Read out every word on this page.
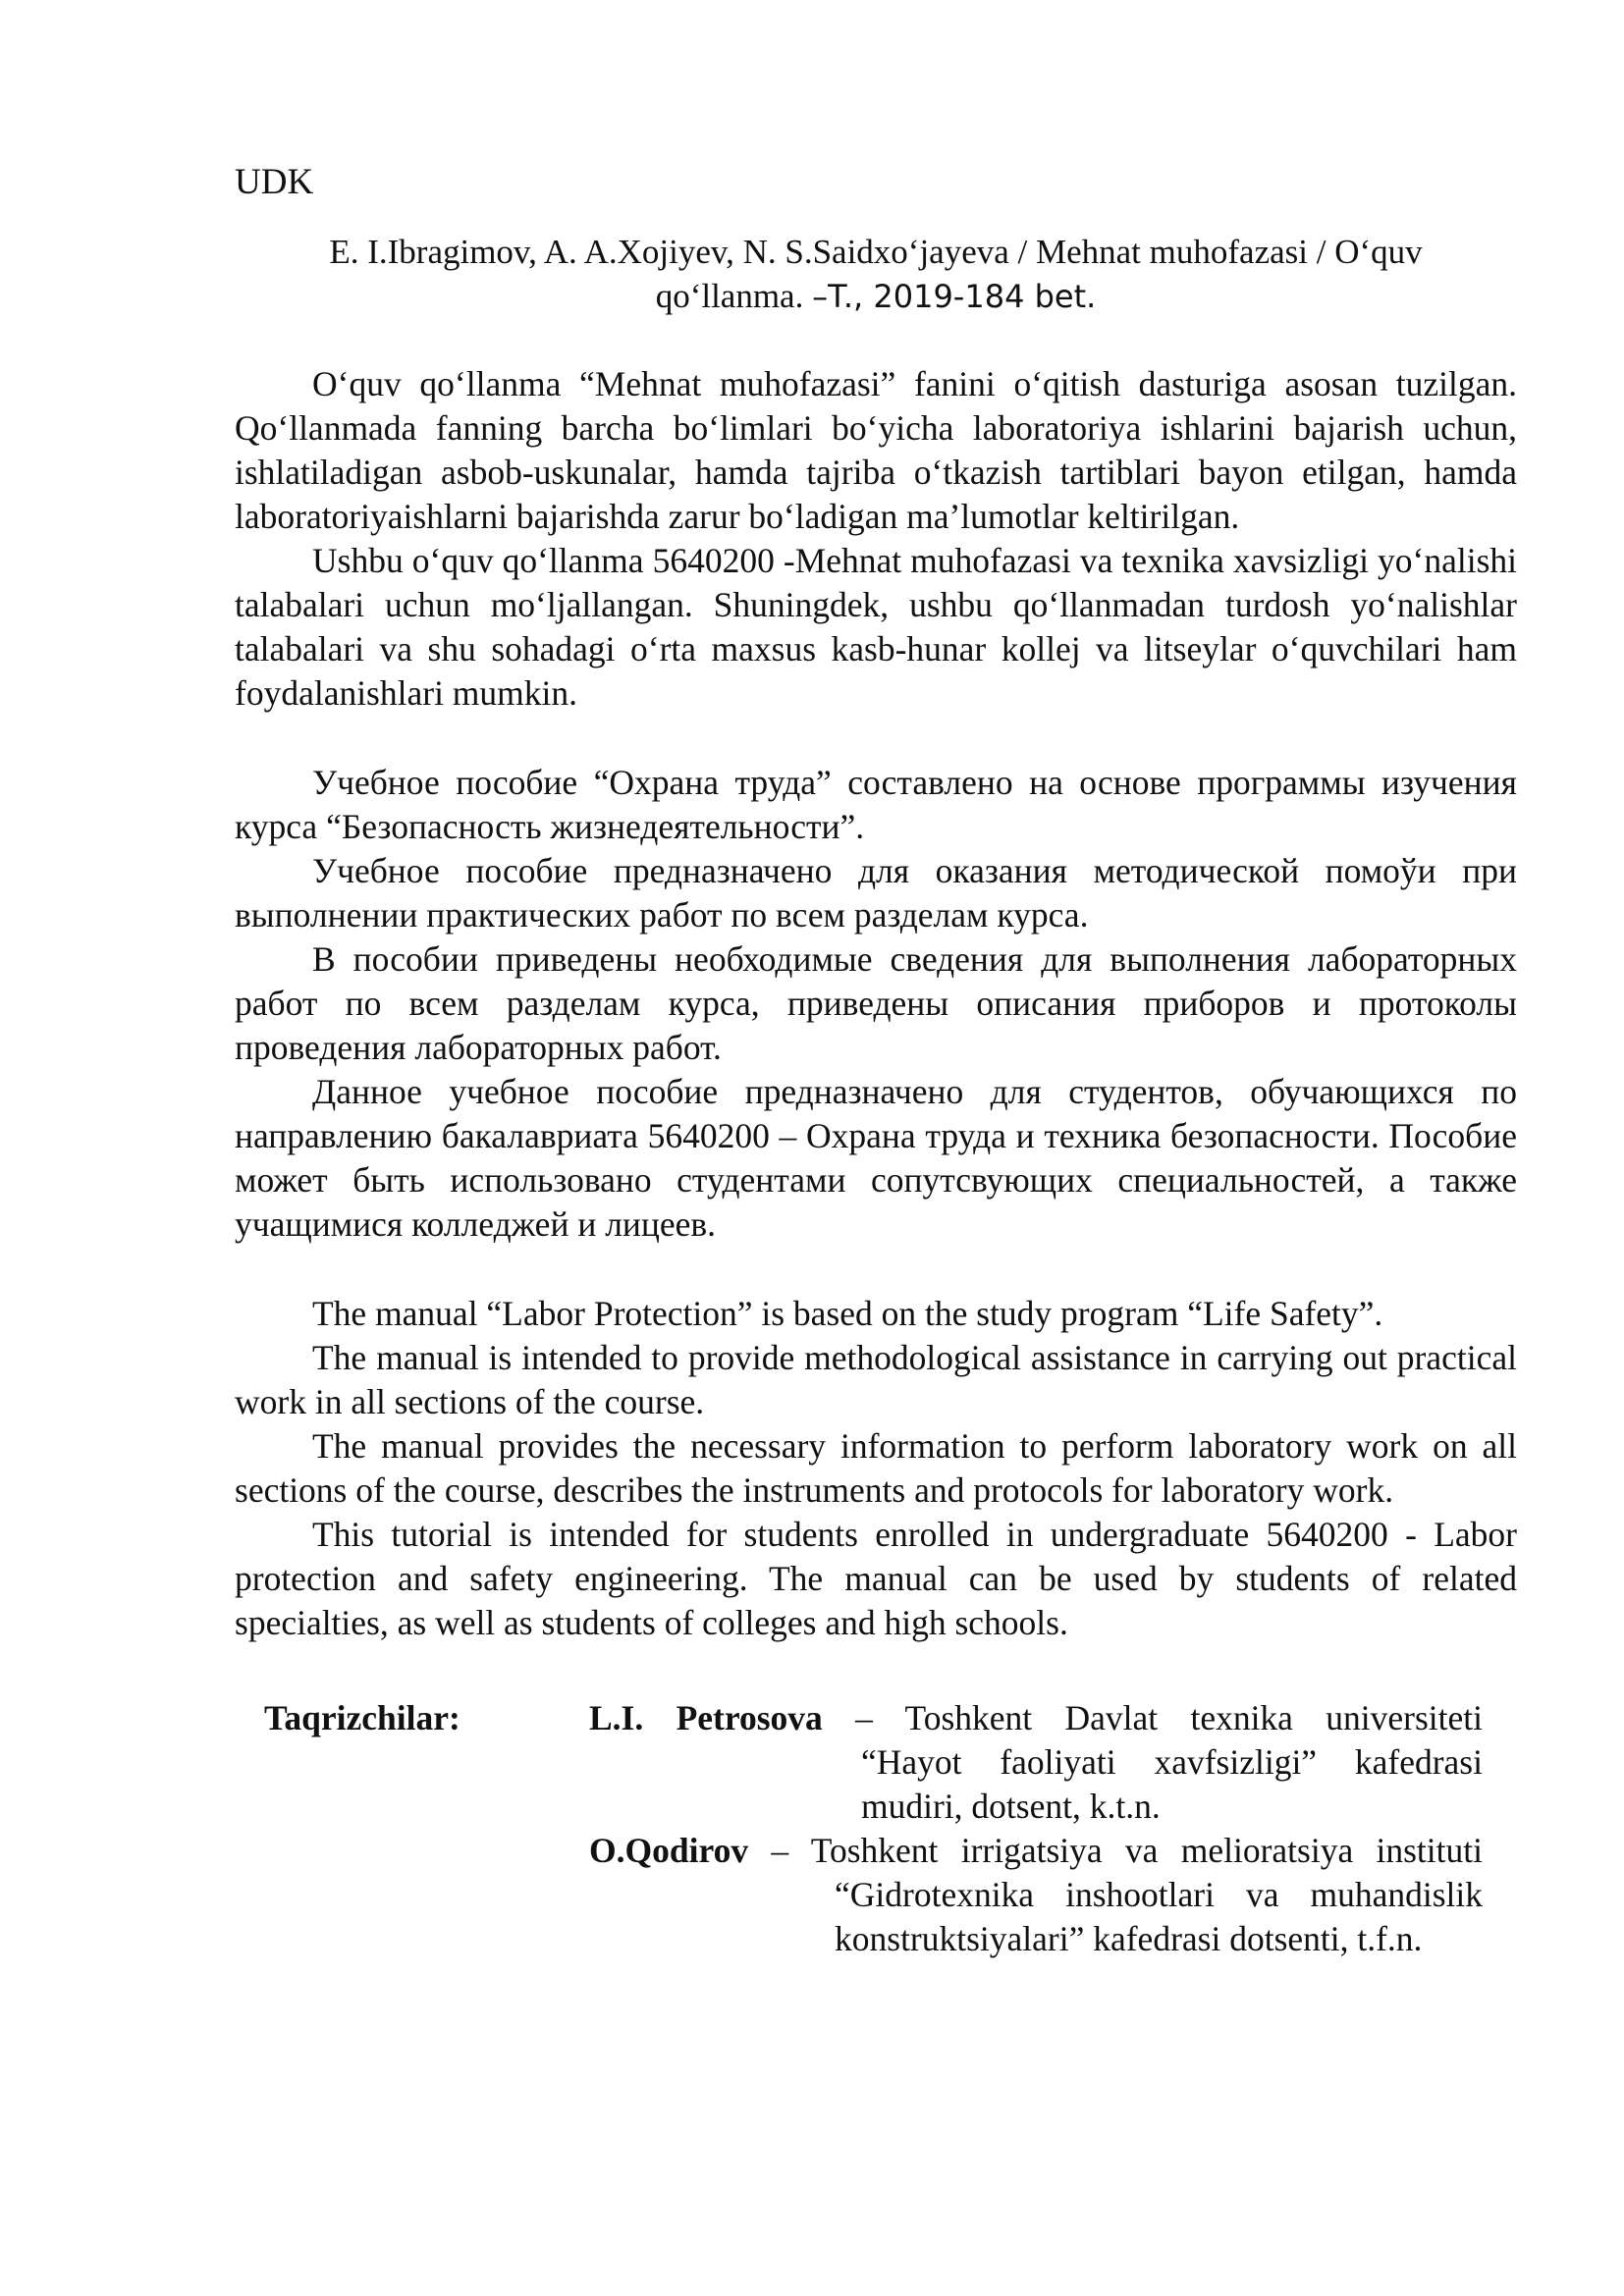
UDK
E. I.Ibragimov, A. A.Xojiyev, N. S.Saidxo‘jayeva / Mehnat muhofazasi / O‘quv
qo‘llanma. –T., 2019-184 bet.

O‘quv qo‘llanma “Mehnat muhofazasi” fanini o‘qitish dasturiga asosan tuzilgan. Qo‘llanmada fanning barcha bo‘limlari bo‘yicha laboratoriya ishlarini bajarish uchun, ishlatiladigan asbob-uskunalar, hamda tajriba o‘tkazish tartiblari bayon etilgan, hamda laboratoriyaishlarni bajarishda zarur bo‘ladigan ma’lumotlar keltirilgan.

Ushbu o‘quv qo‘llanma 5640200 -Mehnat muhofazasi va texnika xavsizligi yo‘nalishi talabalari uchun mo‘ljallangan. Shuningdek, ushbu qo‘llanmadan turdosh yo‘nalishlar talabalari va shu sohadagi o‘rta maxsus kasb-hunar kollej va litseylar o‘quvchilari ham foydalanishlari mumkin.

Учебное пособие “Охрана труда” составлено на основе программы изучения курса “Безопасность жизнедеятельности”.

Учебное пособие предназначено для оказания методической помоўи при выполнении практических работ по всем разделам курса.

В пособии приведены необходимые сведения для выполнения лабораторных работ по всем разделам курса, приведены описания приборов и протоколы проведения лабораторных работ.

Данное учебное пособие предназначено для студентов, обучающихся по направлению бакалавриата 5640200 – Охрана труда и техника безопасности. Пособие может быть использовано студентами сопутсвующих специальностей, а также учащимися колледжей и лицеев.

The manual “Labor Protection” is based on the study program “Life Safety”.

The manual is intended to provide methodological assistance in carrying out practical work in all sections of the course.

The manual provides the necessary information to perform laboratory work on all sections of the course, describes the instruments and protocols for laboratory work.

This tutorial is intended for students enrolled in undergraduate 5640200 - Labor protection and safety engineering. The manual can be used by students of related specialties, as well as students of colleges and high schools.

Taqrizchilar:	L.I. Petrosova – Toshkent Davlat texnika universiteti
“Hayot faoliyati xavfsizligi” kafedrasi mudiri, dotsent, k.t.n.
O.Qodirov – Toshkent irrigatsiya va melioratsiya instituti
“Gidrotexnika inshootlari va muhandislik konstruktsiyalari” kafedrasi dotsenti, t.f.n.
